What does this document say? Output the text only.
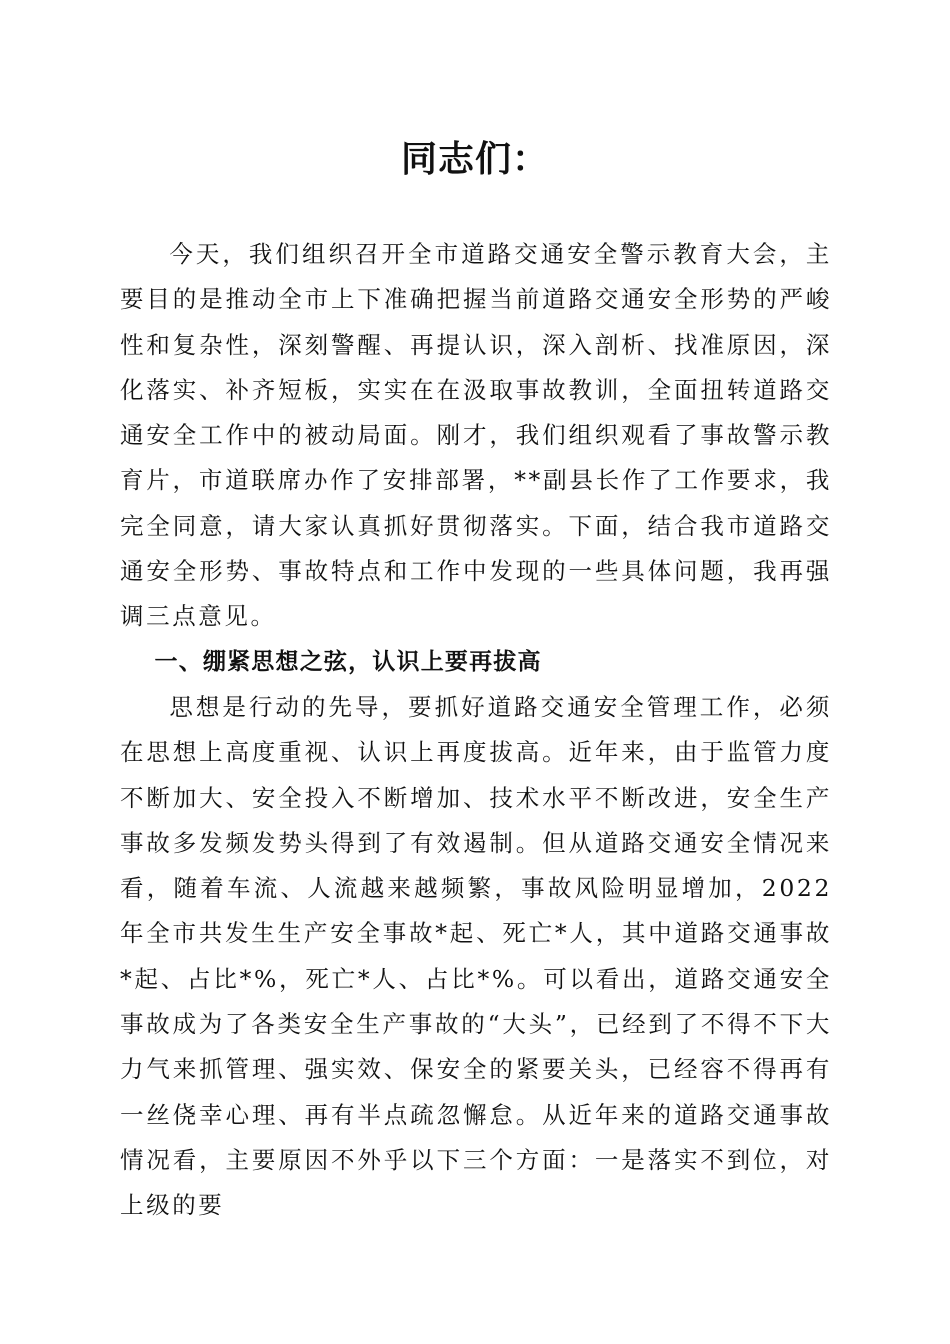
同志们：

今天，我们组织召开全市道路交通安全警示教育大会，主要目的是推动全市上下准确把握当前道路交通安全形势的严峻性和复杂性，深刻警醒、再提认识，深入剖析、找准原因，深化落实、补齐短板，实实在在汲取事故教训，全面扭转道路交通安全工作中的被动局面。刚才，我们组织观看了事故警示教育片，市道联席办作了安排部署，**副县长作了工作要求，我完全同意，请大家认真抓好贯彻落实。下面，结合我市道路交通安全形势、事故特点和工作中发现的一些具体问题，我再强调三点意见。

一、绷紧思想之弦，认识上要再拔高

思想是行动的先导，要抓好道路交通安全管理工作，必须在思想上高度重视、认识上再度拔高。近年来，由于监管力度不断加大、安全投入不断增加、技术水平不断改进，安全生产事故多发频发势头得到了有效遏制。但从道路交通安全情况来看，随着车流、人流越来越频繁，事故风险明显增加，2022年全市共发生生产安全事故*起、死亡*人，其中道路交通事故*起、占比*%，死亡*人、占比*%。可以看出，道路交通安全事故成为了各类安全生产事故的“大头”，已经到了不得不下大力气来抓管理、强实效、保安全的紧要关头，已经容不得再有一丝侥幸心理、再有半点疏忽懈怠。从近年来的道路交通事故情况看，主要原因不外乎以下三个方面：一是落实不到位，对上级的要
